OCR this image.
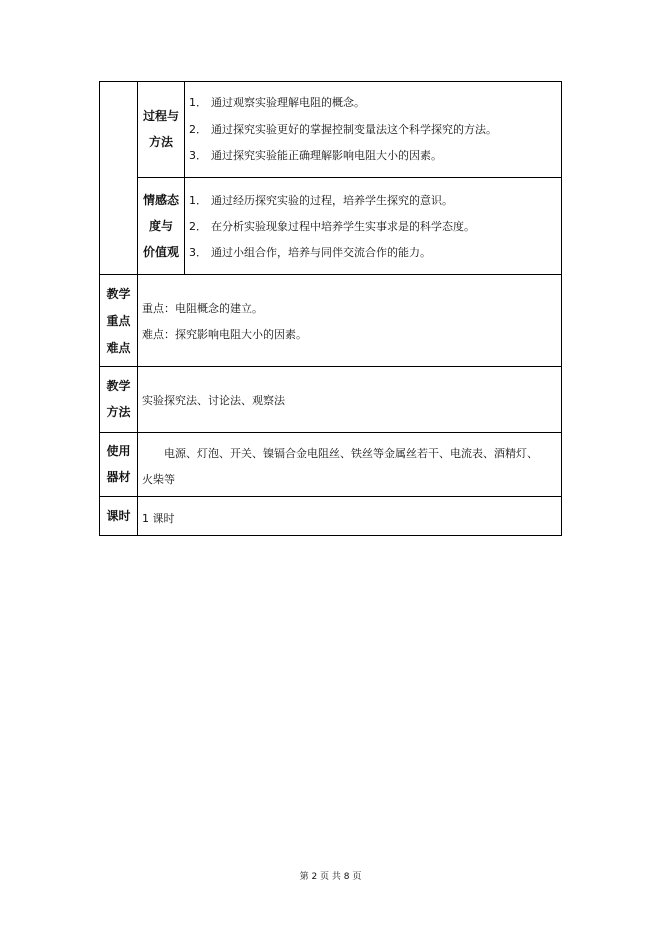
过程与
方法
1． 通过观察实验理解电阻的概念。
2． 通过探究实验更好的掌握控制变量法这个科学探究的方法。
3． 通过探究实验能正确理解影响电阻大小的因素。
情感态
度与
价值观
1． 通过经历探究实验的过程，培养学生探究的意识。
2． 在分析实验现象过程中培养学生实事求是的科学态度。
3． 通过小组合作，培养与同伴交流合作的能力。
教学
重点
难点
重点：电阻概念的建立。
难点：探究影响电阻大小的因素。
教学
方法
实验探究法、讨论法、观察法
使用
器材
电源、灯泡、开关、镍镉合金电阻丝、铁丝等金属丝若干、电流表、酒精灯、
火柴等
课时	1 课时
第 2 页 共 8 页
